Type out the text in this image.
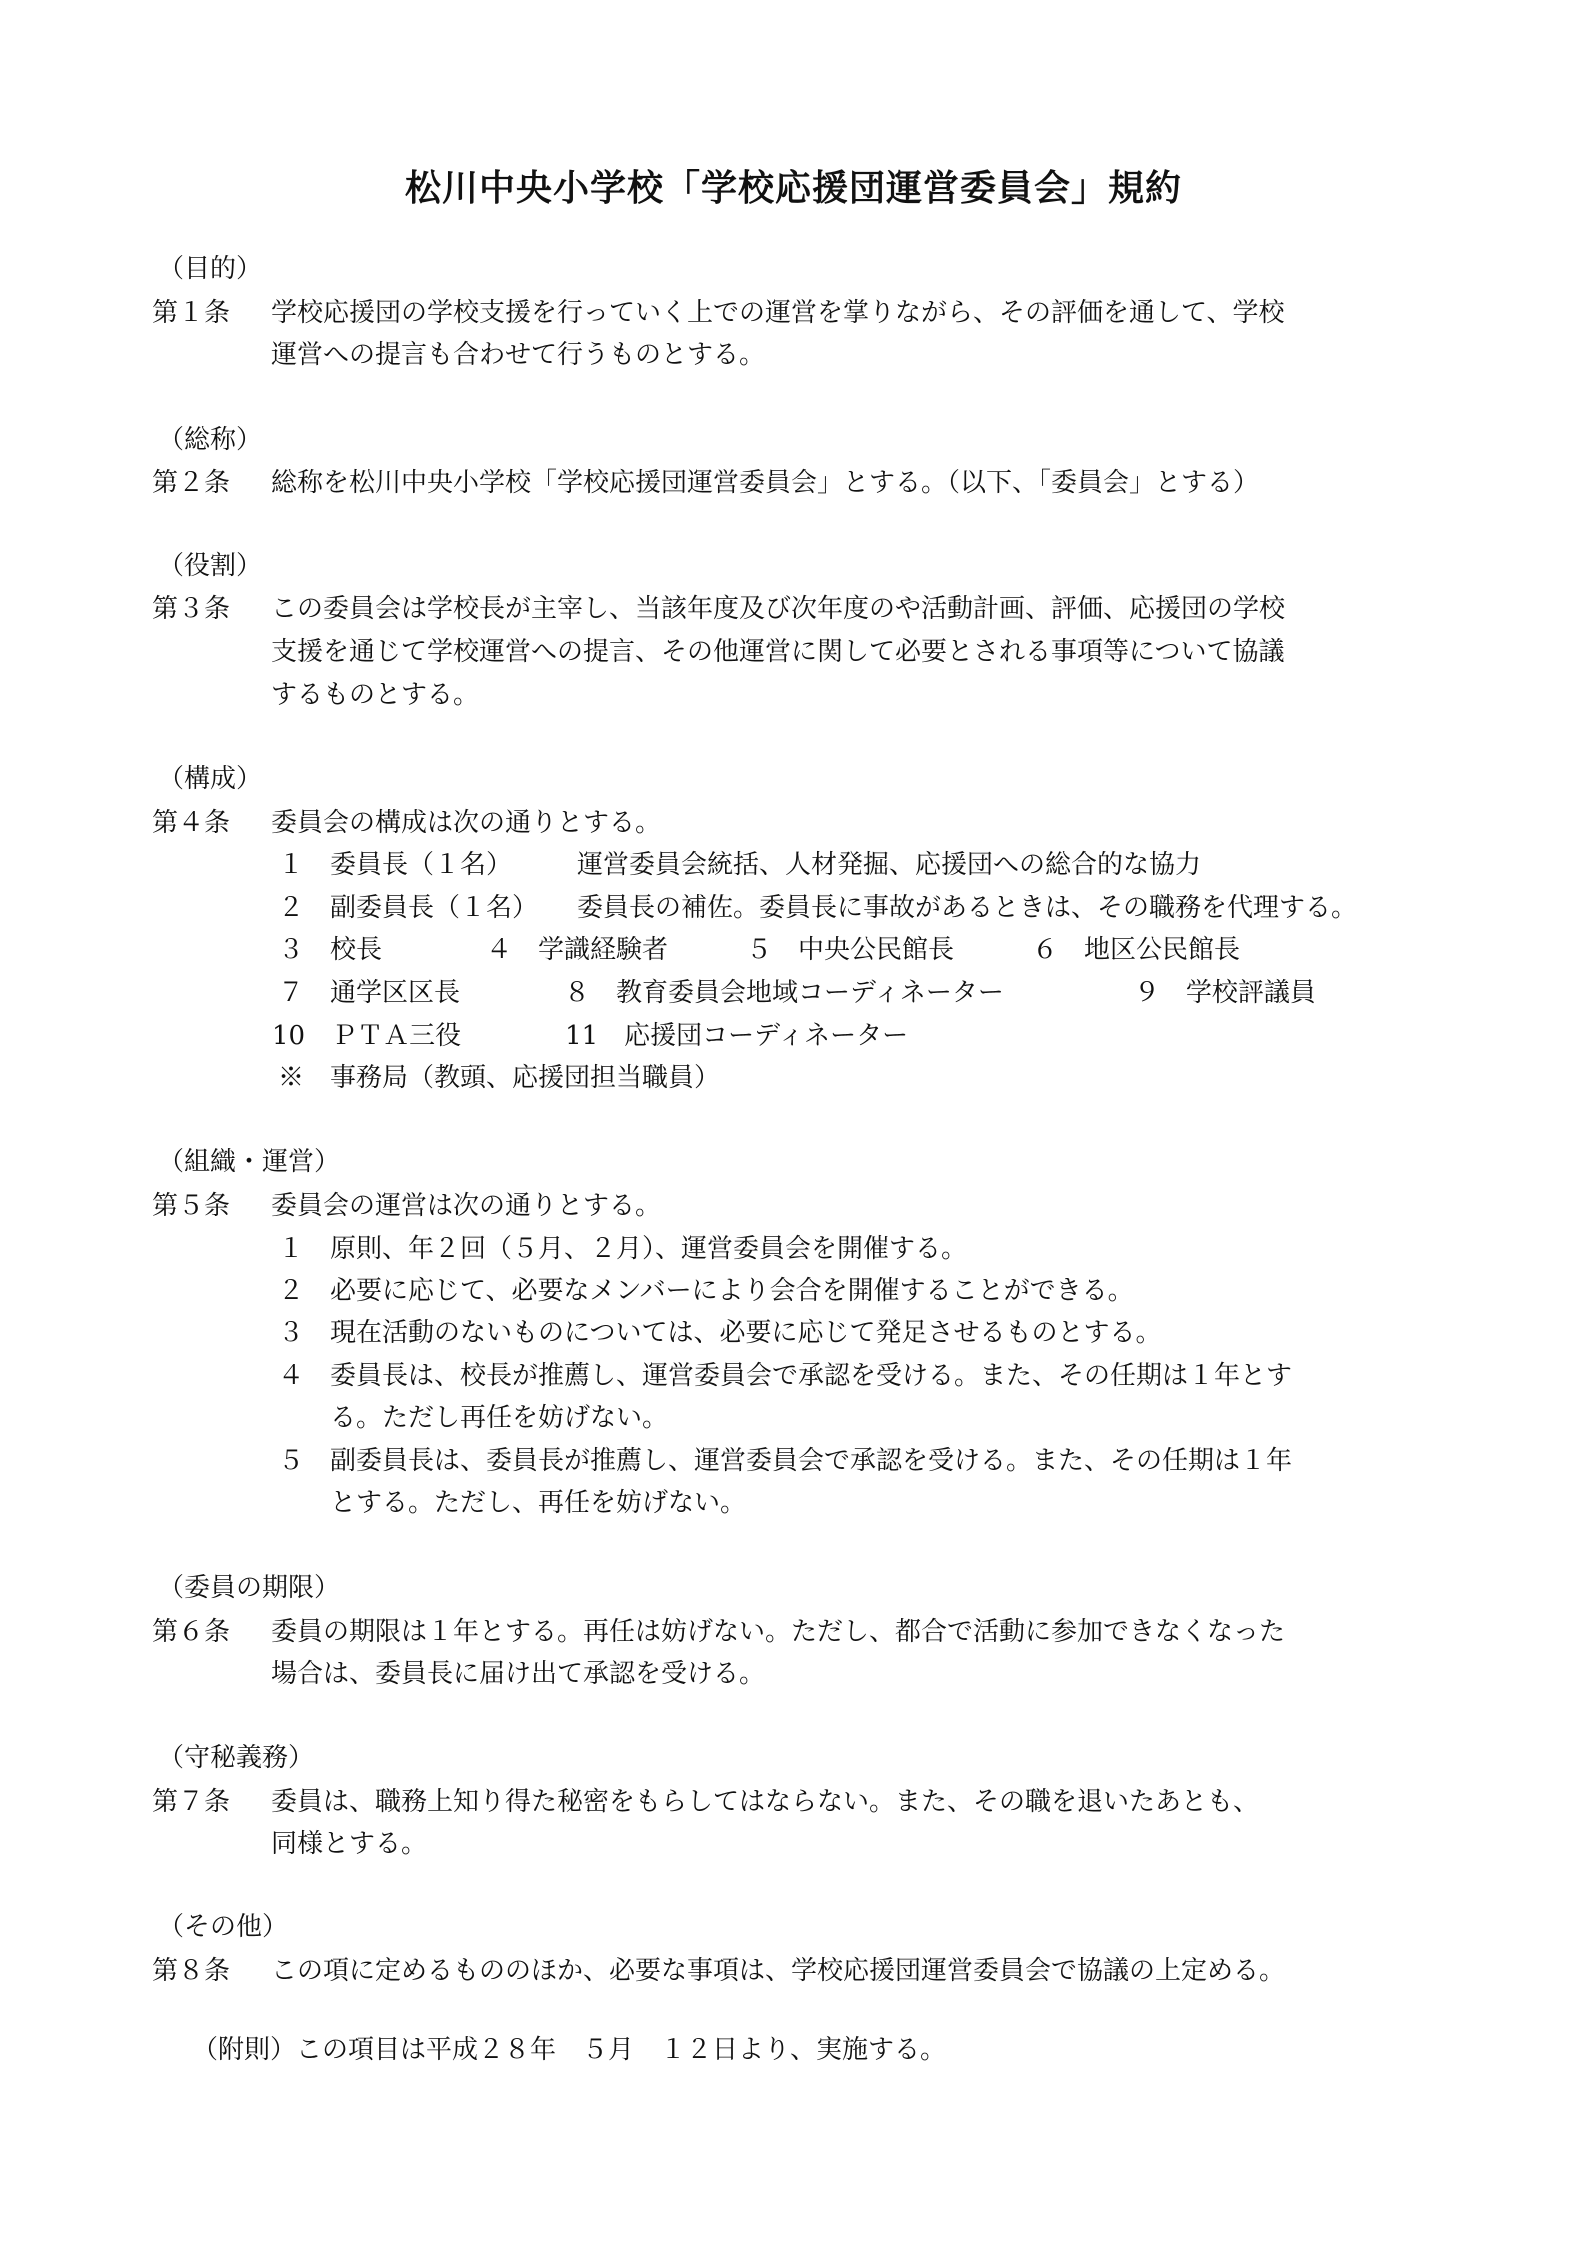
松川中央小学校「学校応援団運営委員会」規約
（目的）
第１条 学校応援団の学校支援を行っていく上での運営を掌りながら、その評価を通して、学校
運営への提言も合わせて行うものとする。
（総称）
第２条 総称を松川中央小学校「学校応援団運営委員会」とする。（以下、「委員会」とする）
（役割）
第３条 この委員会は学校長が主宰し、当該年度及び次年度のや活動計画、評価、応援団の学校
支援を通じて学校運営への提言、その他運営に関して必要とされる事項等について協議
するものとする。
（構成）
第４条 委員会の構成は次の通りとする。
１　委員長（１名）　　　運営委員会統括、人材発掘、応援団への総合的な協力
２　副委員長（１名）　　委員長の補佐。委員長に事故があるときは、その職務を代理する。
３　校長　　　　４　学識経験者　　　５　中央公民館長　　　６　地区公民館長
７　通学区区長　　　　８　教育委員会地域コーディネーター　　　　　９　学校評議員
10　ＰＴＡ三役　　　　11　応援団コーディネーター
※　事務局（教頭、応援団担当職員）
（組織・運営）
第５条 委員会の運営は次の通りとする。
１ 原則、年２回（５月、２月）、運営委員会を開催する。
２ 必要に応じて、必要なメンバーにより会合を開催することができる。
３ 現在活動のないものについては、必要に応じて発足させるものとする。
４ 委員長は、校長が推薦し、運営委員会で承認を受ける。また、その任期は１年とす
る。ただし再任を妨げない。
５ 副委員長は、委員長が推薦し、運営委員会で承認を受ける。また、その任期は１年
とする。ただし、再任を妨げない。
（委員の期限）
第６条 委員の期限は１年とする。再任は妨げない。ただし、都合で活動に参加できなくなった
場合は、委員長に届け出て承認を受ける。
（守秘義務）
第７条 委員は、職務上知り得た秘密をもらしてはならない。また、その職を退いたあとも、
同様とする。
（その他）
第８条 この項に定めるもののほか、必要な事項は、学校応援団運営委員会で協議の上定める。
（附則）この項目は平成２８年　５月　１２日より、実施する。
